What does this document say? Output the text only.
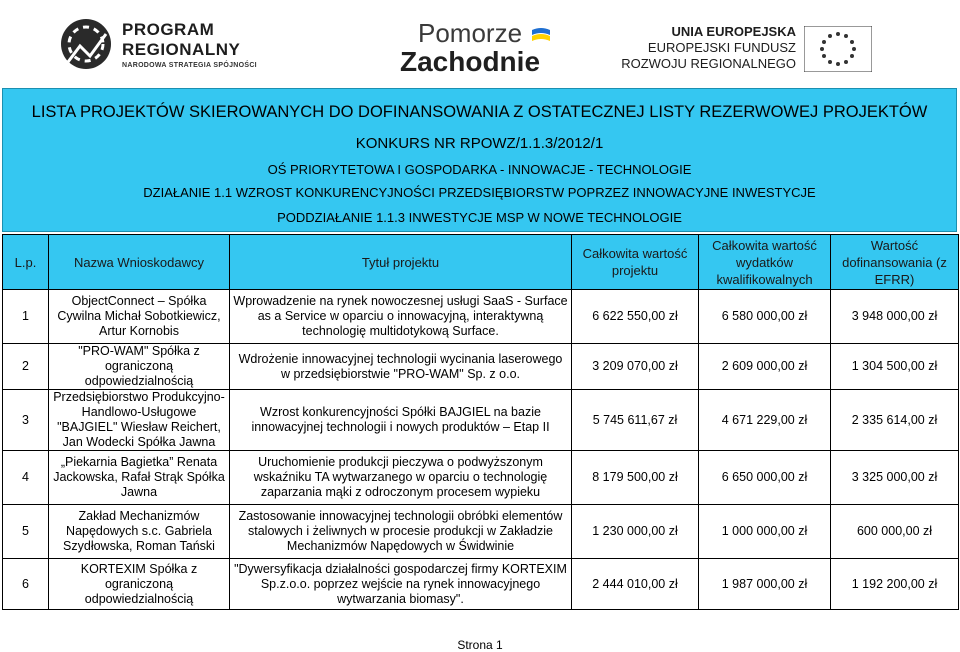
PROGRAM
REGIONALNY
NARODOWA STRATEGIA SPÓJNOŚCI
Pomorze
Zachodnie
UNIA EUROPEJSKA
EUROPEJSKI FUNDUSZ
ROZWOJU REGIONALNEGO
LISTA PROJEKTÓW SKIEROWANYCH DO DOFINANSOWANIA Z OSTATECZNEJ LISTY REZERWOWEJ PROJEKTÓW
KONKURS NR RPOWZ/1.1.3/2012/1
OŚ PRIORYTETOWA I GOSPODARKA - INNOWACJE - TECHNOLOGIE
DZIAŁANIE 1.1 WZROST KONKURENCYJNOŚCI PRZEDSIĘBIORSTW POPRZEZ INNOWACYJNE INWESTYCJE
PODDZIAŁANIE 1.1.3 INWESTYCJE MSP W NOWE TECHNOLOGIE
L.p.	Nazwa Wnioskodawcy	Tytuł projektu	Całkowita wartość projektu	Całkowita wartość wydatków kwalifikowalnych	Wartość dofinansowania (z EFRR)
1	ObjectConnect – Spółka Cywilna Michał Sobotkiewicz, Artur Kornobis	Wprowadzenie na rynek nowoczesnej usługi SaaS - Surface as a Service w oparciu o innowacyjną, interaktywną technologię multidotykową Surface.	6 622 550,00 zł	6 580 000,00 zł	3 948 000,00 zł
2	"PRO-WAM" Spółka z ograniczoną odpowiedzialnością	Wdrożenie innowacyjnej technologii wycinania laserowego w przedsiębiorstwie "PRO-WAM" Sp. z o.o.	3 209 070,00 zł	2 609 000,00 zł	1 304 500,00 zł
3	Przedsiębiorstwo Produkcyjno-Handlowo-Usługowe "BAJGIEL" Wiesław Reichert, Jan Wodecki Spółka Jawna	Wzrost konkurencyjności Spółki BAJGIEL na bazie innowacyjnej technologii i nowych produktów – Etap II	5 745 611,67 zł	4 671 229,00 zł	2 335 614,00 zł
4	„Piekarnia Bagietka” Renata Jackowska, Rafał Strąk Spółka Jawna	Uruchomienie produkcji pieczywa o podwyższonym wskaźniku TA wytwarzanego w oparciu o technologię zaparzania mąki z odroczonym procesem wypieku	8 179 500,00 zł	6 650 000,00 zł	3 325 000,00 zł
5	Zakład Mechanizmów Napędowych s.c. Gabriela Szydłowska, Roman Tański	Zastosowanie innowacyjnej technologii obróbki elementów stalowych i żeliwnych w procesie produkcji w Zakładzie Mechanizmów Napędowych w Świdwinie	1 230 000,00 zł	1 000 000,00 zł	600 000,00 zł
6	KORTEXIM Spółka z ograniczoną odpowiedzialnością	"Dywersyfikacja działalności gospodarczej firmy KORTEXIM Sp.z.o.o. poprzez wejście na rynek innowacyjnego wytwarzania biomasy".	2 444 010,00 zł	1 987 000,00 zł	1 192 200,00 zł
Strona 1
